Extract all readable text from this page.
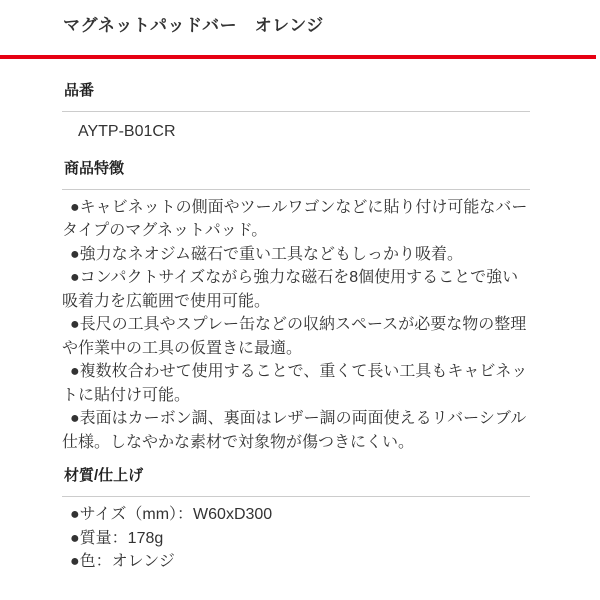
マグネットパッドバー　オレンジ
品番

AYTP-B01CR

商品特徴

●キャビネットの側面やツールワゴンなどに貼り付け可能なバータイプのマグネットパッド。

●強力なネオジム磁石で重い工具などもしっかり吸着。

●コンパクトサイズながら強力な磁石を8個使用することで強い吸着力を広範囲で使用可能。

●長尺の工具やスプレー缶などの収納スペースが必要な物の整理や作業中の工具の仮置きに最適。

●複数枚合わせて使用することで、重くて長い工具もキャビネットに貼付け可能。

●表面はカーボン調、裏面はレザー調の両面使えるリバーシブル仕様。しなやかな素材で対象物が傷つきにくい。

材質/仕上げ

●サイズ（mm）：W60xD300

●質量：178g

●色：オレンジ
